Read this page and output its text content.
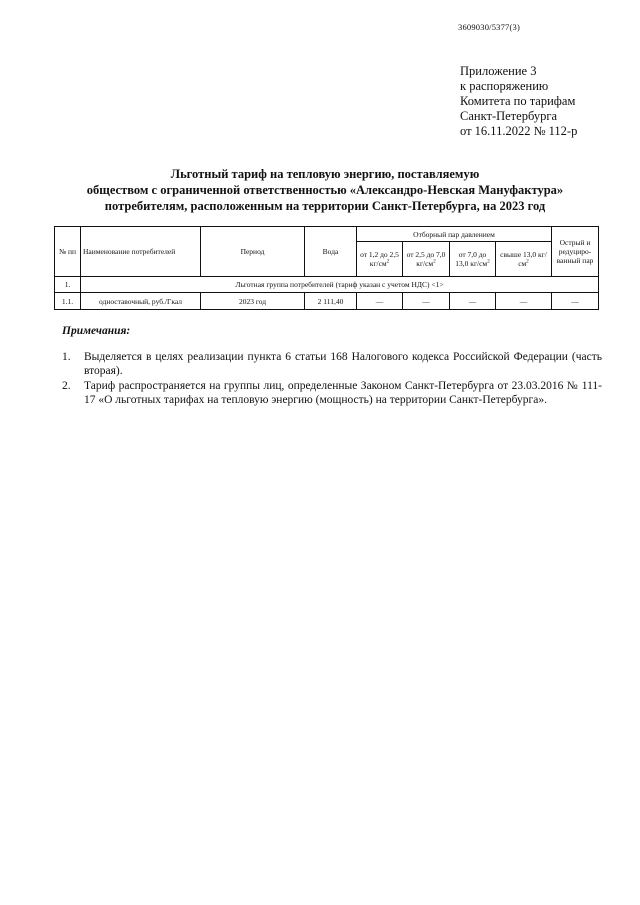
3609030/5377(3)
Приложение 3
к распоряжению
Комитета по тарифам
Санкт-Петербурга
от 16.11.2022 № 112-р
Льготный тариф на тепловую энергию, поставляемую
обществом с ограниченной ответственностью «Александро-Невская Мануфактура»
потребителям, расположенным на территории Санкт-Петербурга, на 2023 год
№ пп	Наименование потребителей	Период	Вода	Отборный пар давлением				Острый и редуциро-ванный пар
				от 1,2 до 2,5 $кг/см^2$	от 2,5 до 7,0 $кг/см^2$	от 7,0 до 13,0 $кг/см^2$	свыше 13,0 $кг/см^2$
1.	Льготная группа потребителей (тариф указан с учетом НДС) <1>							
1.1.	одноставочный, руб./Гкал	2023 год	2 111,40	—	—	—	—	—
Примечания:
1. Выделяется в целях реализации пункта 6 статьи 168 Налогового кодекса Российской Федерации (часть вторая).
2. Тариф распространяется на группы лиц, определенные Законом Санкт-Петербурга от 23.03.2016 № 111-17 «О льготных тарифах на тепловую энергию (мощность) на территории Санкт-Петербурга».
